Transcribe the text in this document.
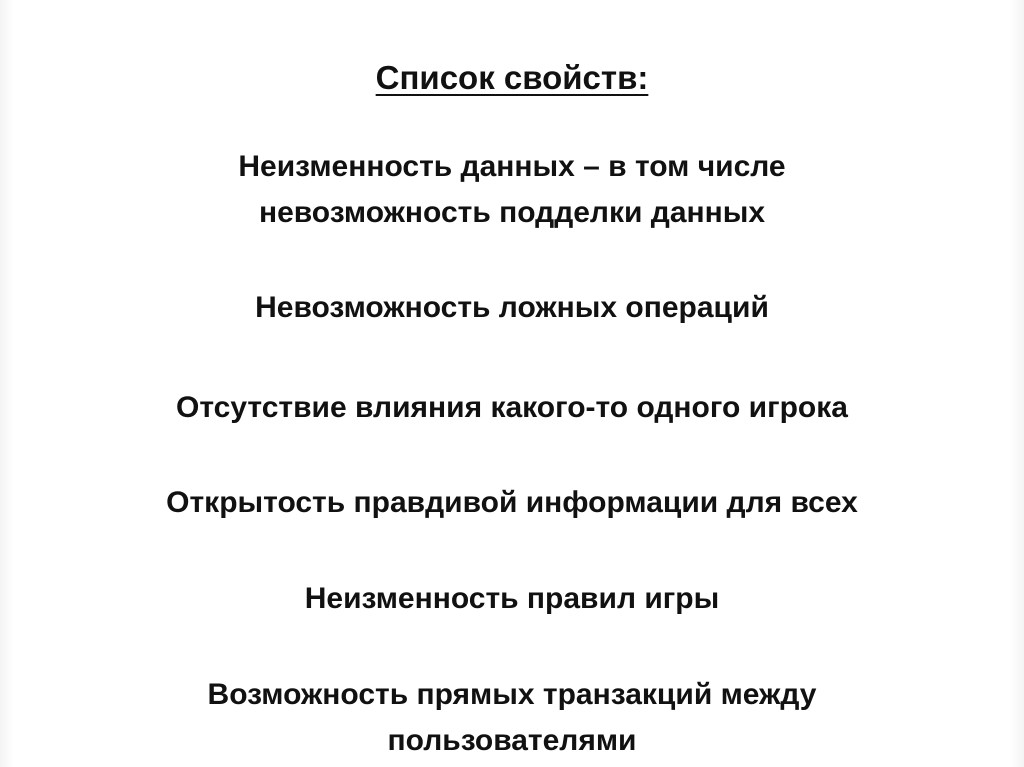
Список свойств:
Неизменность данных – в том числе
невозможность подделки данных
Невозможность ложных операций
Отсутствие влияния какого-то одного игрока
Открытость правдивой информации для всех
Неизменность правил игры
Возможность прямых транзакций между
пользователями
